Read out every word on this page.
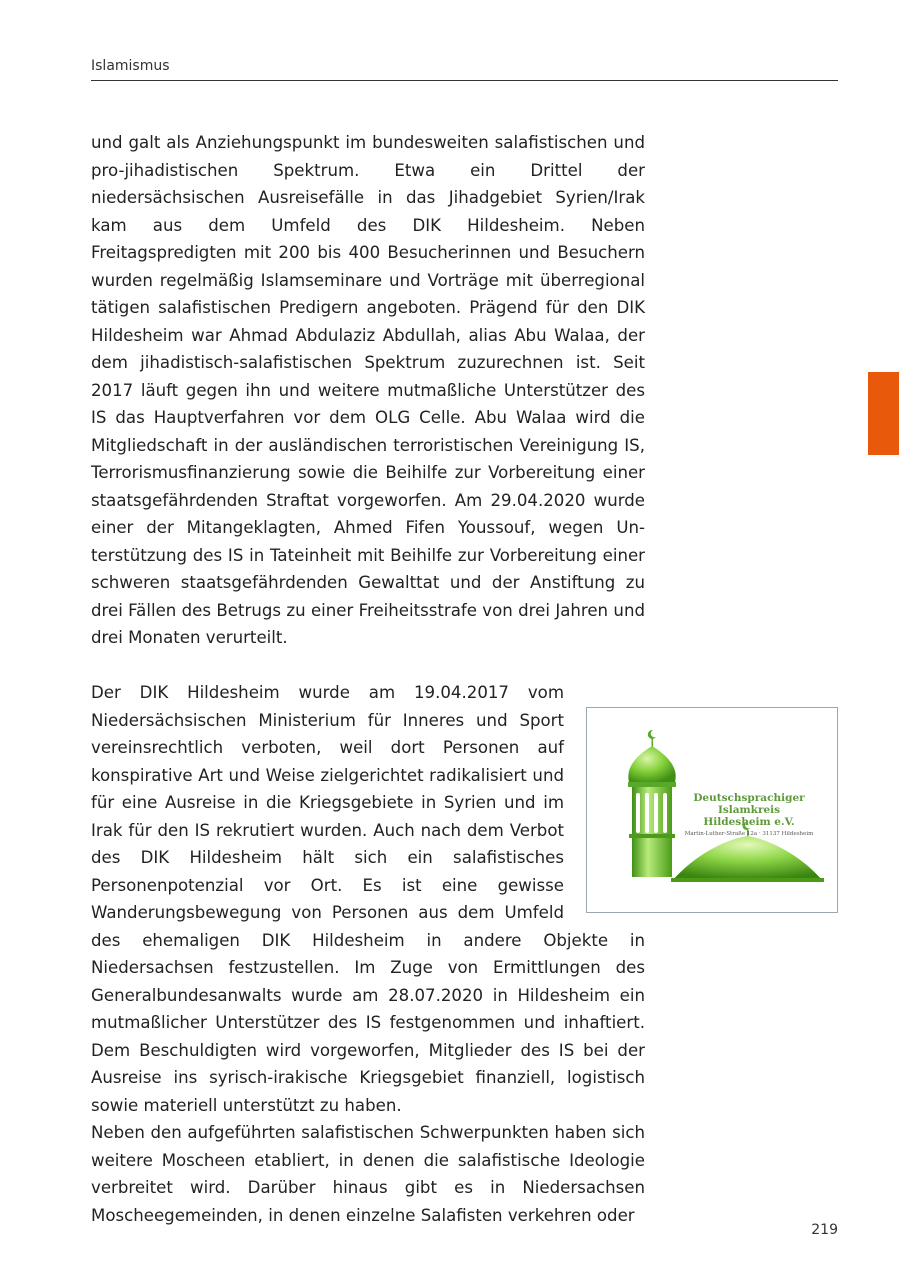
Islamismus

und galt als Anziehungspunkt im bundesweiten salafistischen und pro-jihadistischen Spektrum. Etwa ein Drittel der niedersächsischen Ausreisefälle in das Jihadgebiet Syrien/Irak kam aus dem Umfeld des DIK Hildesheim. Neben Freitagspredigten mit 200 bis 400 Besucherinnen und Besuchern wurden regelmäßig Islamseminare und Vorträge mit überregional tätigen salafistischen Predigern angeboten. Prägend für den DIK Hildesheim war Ahmad Abdulaziz Abdullah, alias Abu Walaa, der dem jihadistisch-salafistischen Spektrum zuzurechnen ist. Seit 2017 läuft gegen ihn und weitere mutmaßliche Unterstützer des IS das Hauptverfahren vor dem OLG Celle. Abu Walaa wird die Mitgliedschaft in der ausländischen terroristischen Vereinigung IS, Terrorismusfinanzierung sowie die Beihilfe zur Vorbereitung einer staatsgefährdenden Straftat vorgeworfen. Am 29.04.2020 wurde einer der Mitangeklagten, Ahmed Fifen Youssouf, wegen Unterstützung des IS in Tateinheit mit Beihilfe zur Vorbereitung einer schweren staatsgefährdenden Gewalttat und der Anstiftung zu drei Fällen des Betrugs zu einer Freiheitsstrafe von drei Jahren und drei Monaten verurteilt.

Deutschsprachiger Islamkreis
Hildesheim e.V.
Martin-Luther-Straße 12a · 31137 Hildesheim
Der DIK Hildesheim wurde am 19.04.2017 vom Niedersächsischen Ministerium für Inneres und Sport vereinsrechtlich verboten, weil dort Personen auf konspirative Art und Weise zielgerichtet radikalisiert und für eine Ausreise in die Kriegsgebiete in Syrien und im Irak für den IS rekrutiert wurden. Auch nach dem Verbot des DIK Hildesheim hält sich ein salafistisches Personenpotenzial vor Ort. Es ist eine gewisse Wanderungsbewegung von Personen aus dem Umfeld des ehemaligen DIK Hildesheim in andere Objekte in Niedersachsen festzustellen. Im Zuge von Ermittlungen des Generalbundesanwalts wurde am 28.07.2020 in Hildesheim ein mutmaßlicher Unterstützer des IS festgenommen und inhaftiert. Dem Beschuldigten wird vorgeworfen, Mitglieder des IS bei der Ausreise ins syrisch-irakische Kriegsgebiet finanziell, logistisch sowie materiell unterstützt zu haben.
Neben den aufgeführten salafistischen Schwerpunkten haben sich weitere Moscheen etabliert, in denen die salafistische Ideologie verbreitet wird. Darüber hinaus gibt es in Niedersachsen Moscheegemeinden, in denen einzelne Salafisten verkehren oder

219
